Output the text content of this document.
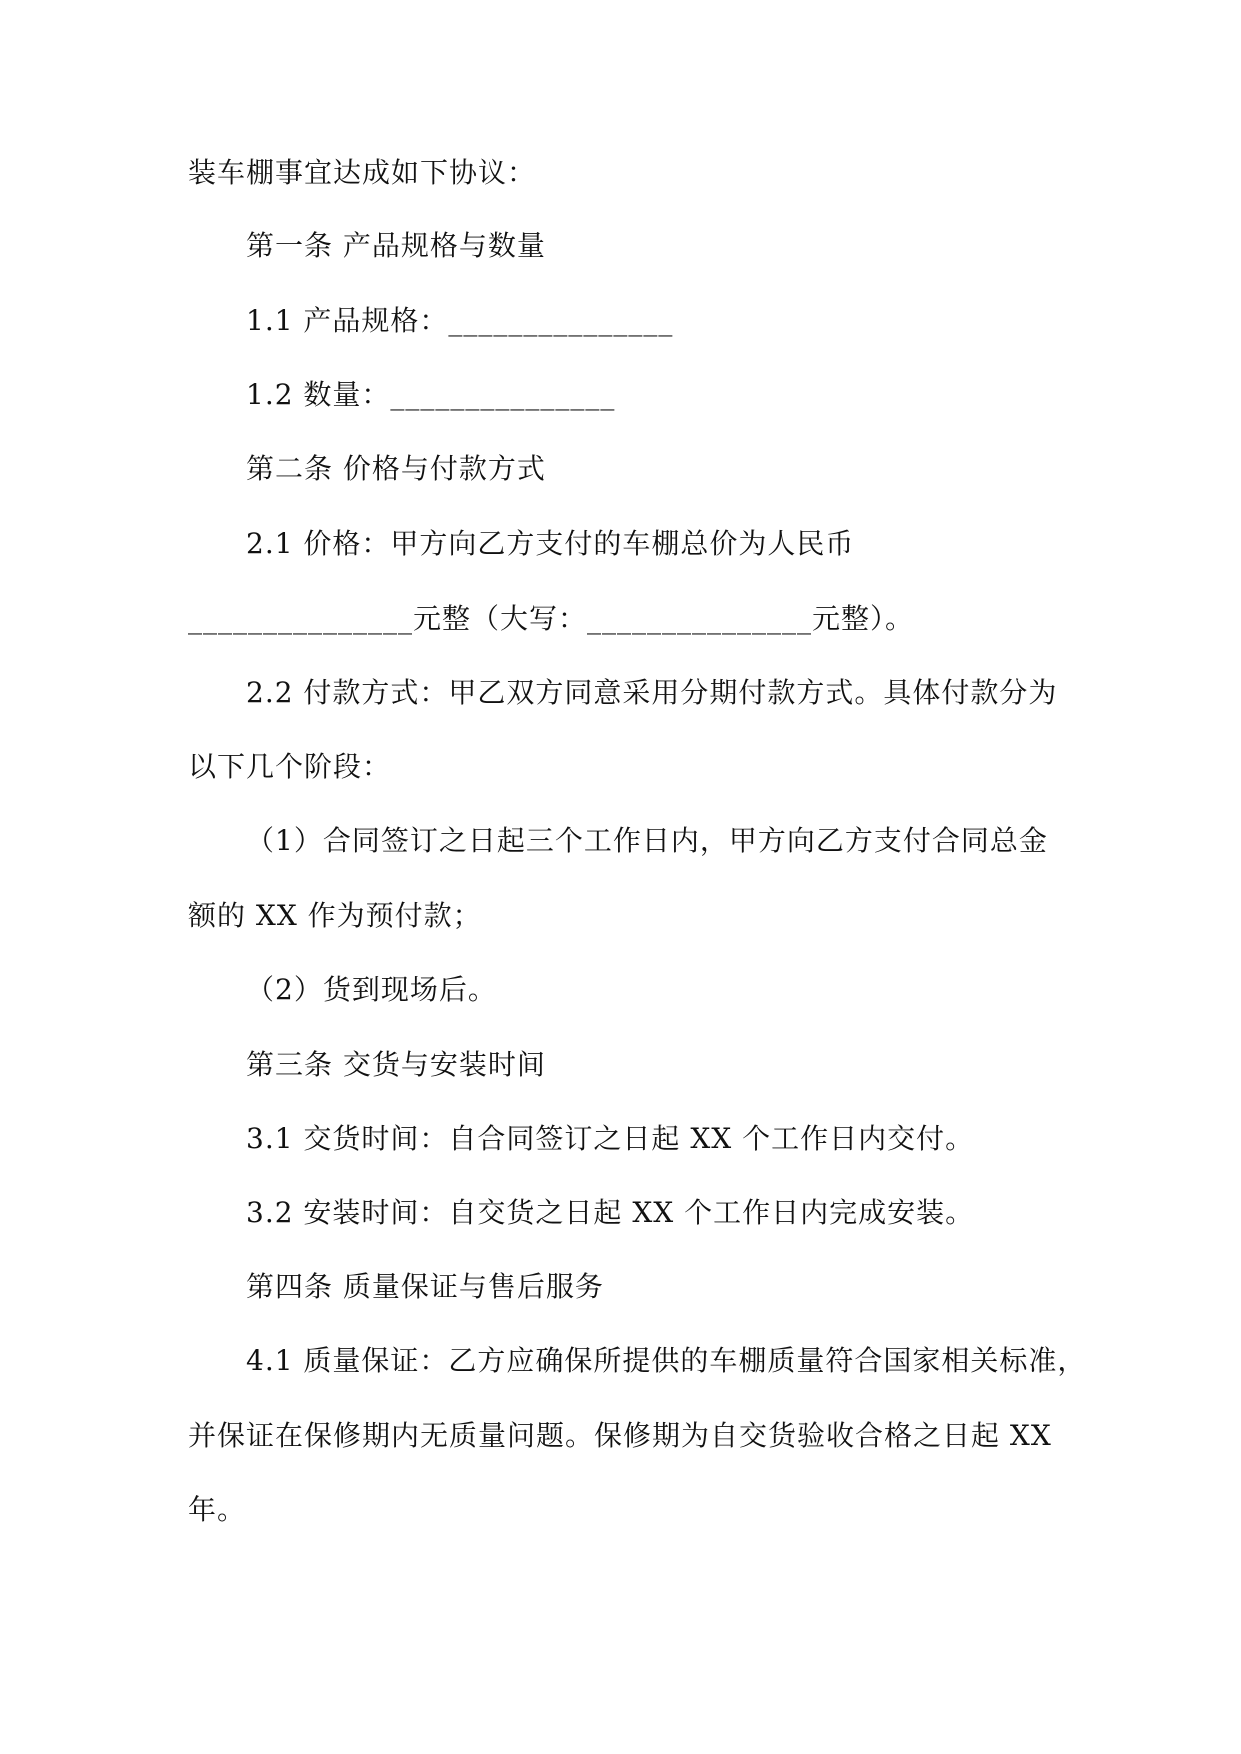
装车棚事宜达成如下协议：
第一条 产品规格与数量
1.1 产品规格：_______________
1.2 数量：_______________
第二条 价格与付款方式
2.1 价格：甲方向乙方支付的车棚总价为人民币
_______________元整（大写：_______________元整）。
2.2 付款方式：甲乙双方同意采用分期付款方式。具体付款分为
以下几个阶段：
（1）合同签订之日起三个工作日内，甲方向乙方支付合同总金
额的 XX 作为预付款；
（2）货到现场后。
第三条 交货与安装时间
3.1 交货时间：自合同签订之日起 XX 个工作日内交付。
3.2 安装时间：自交货之日起 XX 个工作日内完成安装。
第四条 质量保证与售后服务
4.1 质量保证：乙方应确保所提供的车棚质量符合国家相关标准，
并保证在保修期内无质量问题。保修期为自交货验收合格之日起 XX
年。
